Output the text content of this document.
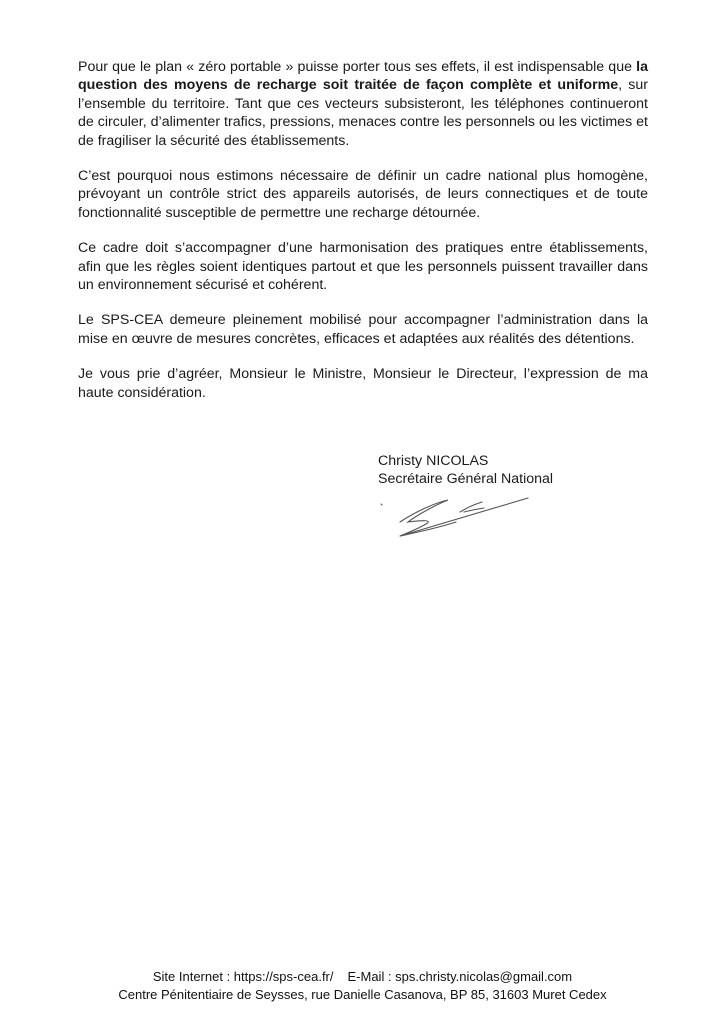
Pour que le plan « zéro portable » puisse porter tous ses effets, il est indispensable que la question des moyens de recharge soit traitée de façon complète et uniforme, sur l’ensemble du territoire. Tant que ces vecteurs subsisteront, les téléphones continueront de circuler, d’alimenter trafics, pressions, menaces contre les personnels ou les victimes et de fragiliser la sécurité des établissements.

C’est pourquoi nous estimons nécessaire de définir un cadre national plus homogène, prévoyant un contrôle strict des appareils autorisés, de leurs connectiques et de toute fonctionnalité susceptible de permettre une recharge détournée.

Ce cadre doit s’accompagner d’une harmonisation des pratiques entre établissements, afin que les règles soient identiques partout et que les personnels puissent travailler dans un environnement sécurisé et cohérent.

Le SPS-CEA demeure pleinement mobilisé pour accompagner l’administration dans la mise en œuvre de mesures concrètes, efficaces et adaptées aux réalités des détentions.

Je vous prie d’agréer, Monsieur le Ministre, Monsieur le Directeur, l’expression de ma haute considération.

Christy NICOLAS
Secrétaire Général National
Site Internet : https://sps-cea.fr/ E-Mail : sps.christy.nicolas@gmail.com
Centre Pénitentiaire de Seysses, rue Danielle Casanova, BP 85, 31603 Muret Cedex
